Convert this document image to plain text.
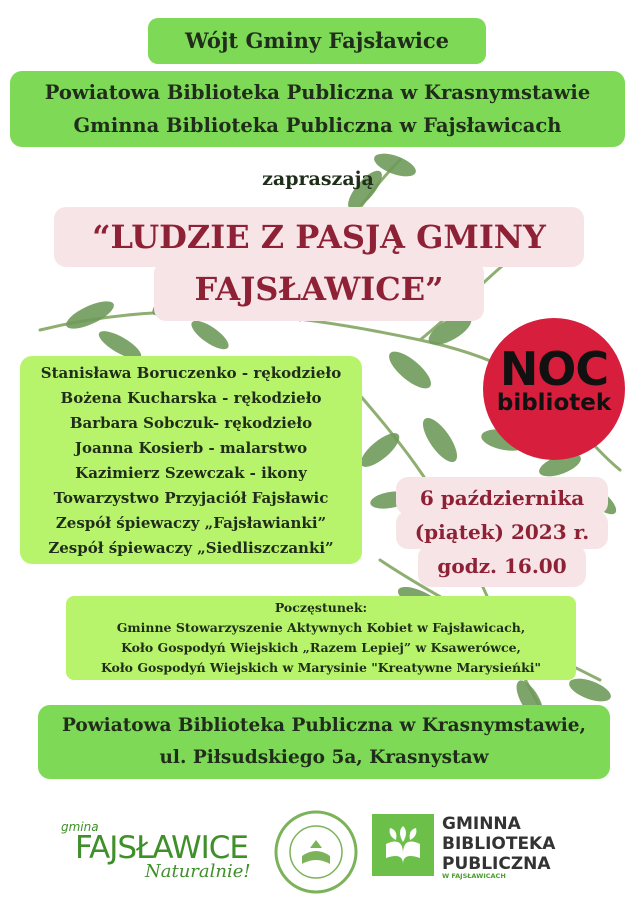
Wójt Gminy Fajsławice
Powiatowa Biblioteka Publiczna w Krasnymstawie
Gminna Biblioteka Publiczna w Fajsławicach
zapraszają
“LUDZIE Z PASJĄ GMINY
FAJSŁAWICE”
NOC
bibliotek
Stanisława Boruczenko - rękodzieło
Bożena Kucharska - rękodzieło
Barbara Sobczuk- rękodzieło
Joanna Kosierb - malarstwo
Kazimierz Szewczak - ikony
Towarzystwo Przyjaciół Fajsławic
Zespół śpiewaczy „Fajsławianki”
Zespół śpiewaczy „Siedliszczanki”
6 października
(piątek) 2023 r.
godz. 16.00
Poczęstunek:
Gminne Stowarzyszenie Aktywnych Kobiet w Fajsławicach,
Koło Gospodyń Wiejskich „Razem Lepiej” w Ksawerówce,
Koło Gospodyń Wiejskich w Marysinie "Kreatywne Marysieńki"
Powiatowa Biblioteka Publiczna w Krasnymstawie,
ul. Piłsudskiego 5a, Krasnystaw
gmina
FAJSŁAWICE
Naturalnie!
GMINNA
BIBLIOTEKA
PUBLICZNA
W FAJSŁAWICACH
